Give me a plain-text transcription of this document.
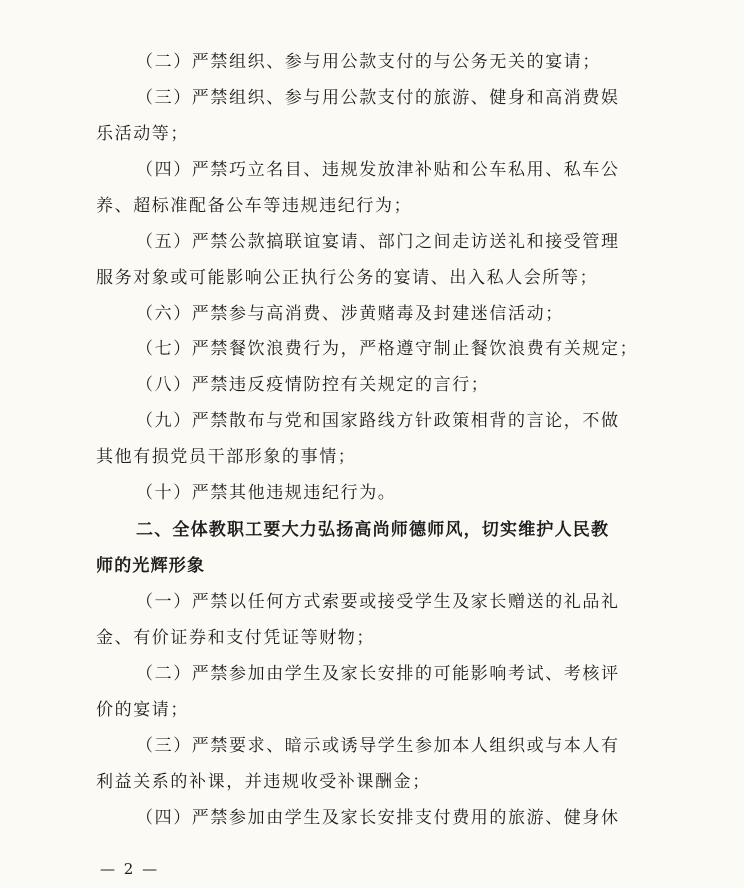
（二）严禁组织、参与用公款支付的与公务无关的宴请；
（三）严禁组织、参与用公款支付的旅游、健身和高消费娱
乐活动等；
（四）严禁巧立名目、违规发放津补贴和公车私用、私车公
养、超标准配备公车等违规违纪行为；
（五）严禁公款搞联谊宴请、部门之间走访送礼和接受管理
服务对象或可能影响公正执行公务的宴请、出入私人会所等；
（六）严禁参与高消费、涉黄赌毒及封建迷信活动；
（七）严禁餐饮浪费行为，严格遵守制止餐饮浪费有关规定；
（八）严禁违反疫情防控有关规定的言行；
（九）严禁散布与党和国家路线方针政策相背的言论，不做
其他有损党员干部形象的事情；
（十）严禁其他违规违纪行为。
二、全体教职工要大力弘扬高尚师德师风，切实维护人民教
师的光辉形象
（一）严禁以任何方式索要或接受学生及家长赠送的礼品礼
金、有价证券和支付凭证等财物；
（二）严禁参加由学生及家长安排的可能影响考试、考核评
价的宴请；
（三）严禁要求、暗示或诱导学生参加本人组织或与本人有
利益关系的补课，并违规收受补课酬金；
（四）严禁参加由学生及家长安排支付费用的旅游、健身休
— 2 —
